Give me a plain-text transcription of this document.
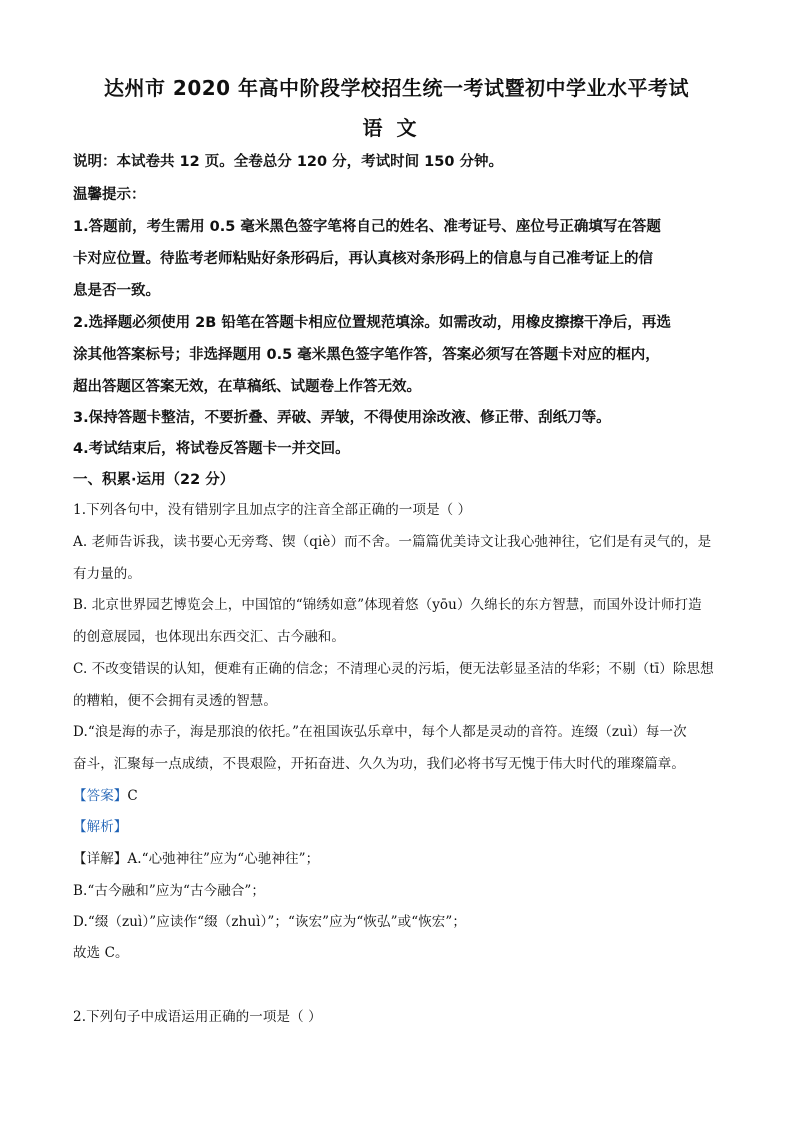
达州市 2020 年高中阶段学校招生统一考试暨初中学业水平考试
语文
说明：本试卷共 12 页。全卷总分 120 分，考试时间 150 分钟。
温馨提示：
1.答题前，考生需用 0.5 毫米黑色签字笔将自己的姓名、准考证号、座位号正确填写在答题
卡对应位置。待监考老师粘贴好条形码后，再认真核对条形码上的信息与自己准考证上的信
息是否一致。
2.选择题必须使用 2B 铅笔在答题卡相应位置规范填涂。如需改动，用橡皮擦擦干净后，再选
涂其他答案标号；非选择题用 0.5 毫米黑色签字笔作答，答案必须写在答题卡对应的框内，
超出答题区答案无效，在草稿纸、试题卷上作答无效。
3.保持答题卡整洁，不要折叠、弄破、弄皱，不得使用涂改液、修正带、刮纸刀等。
4.考试结束后，将试卷反答题卡一并交回。
一、积累·运用（22 分）
1.下列各句中，没有错别字且加点字的注音全部正确的一项是（ ）
A. 老师告诉我，读书要心无旁骛、锲（qiè）而不舍。一篇篇优美诗文让我心弛神往，它们是有灵气的，是
有力量的。
B. 北京世界园艺博览会上，中国馆的“锦绣如意”体现着悠（yōu）久绵长的东方智慧，而国外设计师打造
的创意展园，也体现出东西交汇、古今融和。
C. 不改变错误的认知，便难有正确的信念；不清理心灵的污垢，便无法彰显圣洁的华彩；不剔（tī）除思想
的糟粕，便不会拥有灵透的智慧。
D.“浪是海的赤子，海是那浪的依托。”在祖国诙弘乐章中，每个人都是灵动的音符。连缀（zuì）每一次
奋斗，汇聚每一点成绩，不畏艰险，开拓奋进、久久为功，我们必将书写无愧于伟大时代的璀璨篇章。
【答案】C
【解析】
【详解】A.“心弛神往”应为“心驰神往”；
B.“古今融和”应为“古今融合”；
D.“缀（zuì）”应读作“缀（zhuì）”；“诙宏”应为“恢弘”或“恢宏”；
故选 C。
2.下列句子中成语运用正确的一项是（ ）
